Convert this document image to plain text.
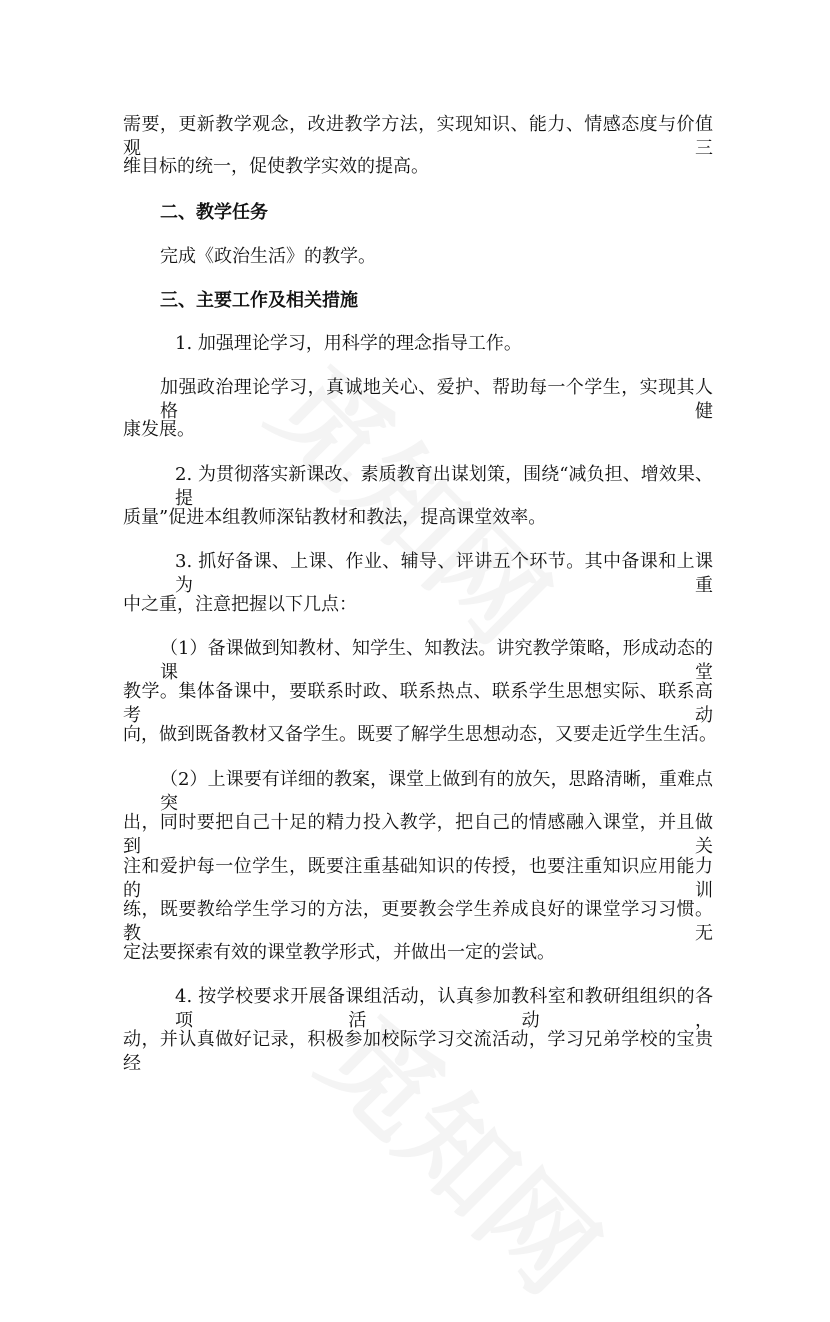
需要，更新教学观念，改进教学方法，实现知识、能力、情感态度与价值观三
维目标的统一，促使教学实效的提高。
二、教学任务
完成《政治生活》的教学。
三、主要工作及相关措施
1. 加强理论学习，用科学的理念指导工作。
加强政治理论学习，真诚地关心、爱护、帮助每一个学生，实现其人格健
康发展。
2. 为贯彻落实新课改、素质教育出谋划策，围绕“减负担、增效果、提
质量”促进本组教师深钻教材和教法，提高课堂效率。
3. 抓好备课、上课、作业、辅导、评讲五个环节。其中备课和上课为重
中之重，注意把握以下几点：
（1）备课做到知教材、知学生、知教法。讲究教学策略，形成动态的课堂
教学。集体备课中，要联系时政、联系热点、联系学生思想实际、联系高考动
向，做到既备教材又备学生。既要了解学生思想动态，又要走近学生生活。
（2）上课要有详细的教案，课堂上做到有的放矢，思路清晰，重难点突
出，同时要把自己十足的精力投入教学，把自己的情感融入课堂，并且做到关
注和爱护每一位学生，既要注重基础知识的传授，也要注重知识应用能力的训
练，既要教给学生学习的方法，更要教会学生养成良好的课堂学习习惯。教无
定法要探索有效的课堂教学形式，并做出一定的尝试。
4. 按学校要求开展备课组活动，认真参加教科室和教研组组织的各项活动，
动，并认真做好记录，积极参加校际学习交流活动，学习兄弟学校的宝贵经
